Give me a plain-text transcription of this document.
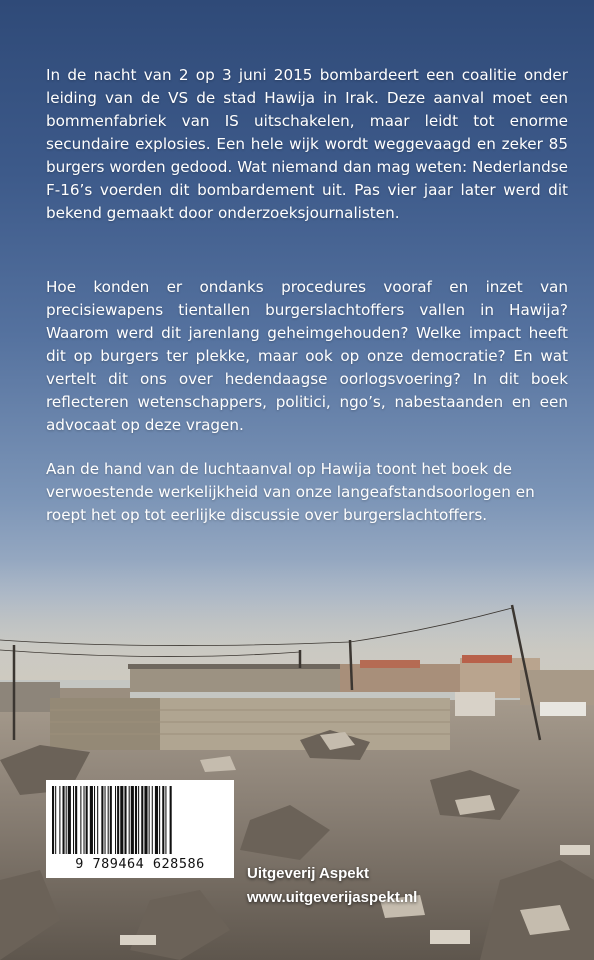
In de nacht van 2 op 3 juni 2015 bombardeert een coalitie onder leiding van de VS de stad Hawija in Irak. Deze aanval moet een bommenfabriek van IS uitschakelen, maar leidt tot enorme secundaire explosies. Een hele wijk wordt weggevaagd en zeker 85 burgers worden gedood. Wat niemand dan mag weten: Nederlandse F-16’s voerden dit bombardement uit. Pas vier jaar later werd dit bekend gemaakt door onderzoeksjournalisten.

Hoe konden er ondanks procedures vooraf en inzet van precisiewapens tientallen burgerslachtoffers vallen in Hawija? Waarom werd dit jarenlang geheimgehouden? Welke impact heeft dit op burgers ter plekke, maar ook op onze democratie? En wat vertelt dit ons over hedendaagse oorlogsvoering? In dit boek reflecteren wetenschappers, politici, ngo’s, nabestaanden en een advocaat op deze vragen.

Aan de hand van de luchtaanval op Hawija toont het boek de verwoestende werkelijkheid van onze langeafstandsoorlogen en roept het op tot eerlijke discussie over burgerslachtoffers.

9 789464 628586
Uitgeverij Aspekt
www.uitgeverijaspekt.nl
